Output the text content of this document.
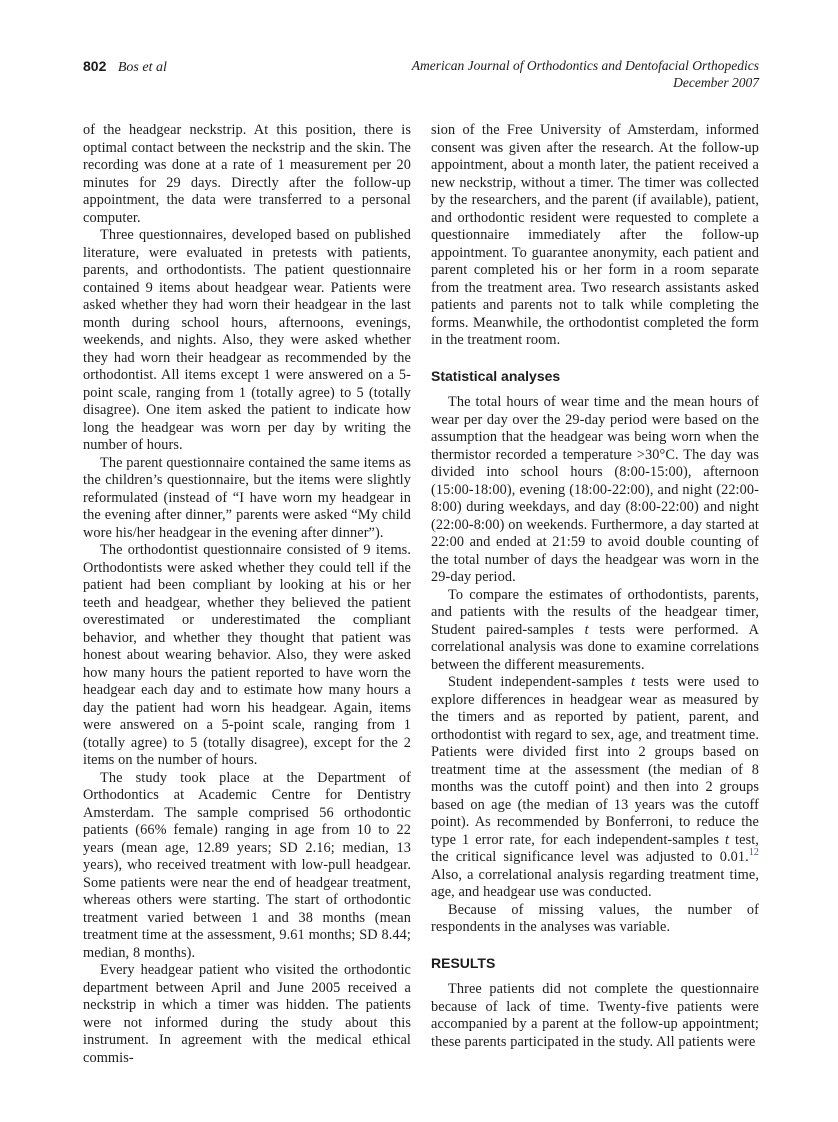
802 Bos et al	American Journal of Orthodontics and Dentofacial Orthopedics
December 2007

of the headgear neckstrip. At this position, there is optimal contact between the neckstrip and the skin. The recording was done at a rate of 1 measurement per 20 minutes for 29 days. Directly after the follow-up appointment, the data were transferred to a personal computer.

Three questionnaires, developed based on published literature, were evaluated in pretests with patients, parents, and orthodontists. The patient questionnaire contained 9 items about headgear wear. Patients were asked whether they had worn their headgear in the last month during school hours, afternoons, evenings, weekends, and nights. Also, they were asked whether they had worn their headgear as recommended by the orthodontist. All items except 1 were answered on a 5-point scale, ranging from 1 (totally agree) to 5 (totally disagree). One item asked the patient to indicate how long the headgear was worn per day by writing the number of hours.

The parent questionnaire contained the same items as the children’s questionnaire, but the items were slightly reformulated (instead of “I have worn my headgear in the evening after dinner,” parents were asked “My child wore his/her headgear in the evening after dinner”).

The orthodontist questionnaire consisted of 9 items. Orthodontists were asked whether they could tell if the patient had been compliant by looking at his or her teeth and headgear, whether they believed the patient overestimated or underestimated the compliant behavior, and whether they thought that patient was honest about wearing behavior. Also, they were asked how many hours the patient reported to have worn the headgear each day and to estimate how many hours a day the patient had worn his headgear. Again, items were answered on a 5-point scale, ranging from 1 (totally agree) to 5 (totally disagree), except for the 2 items on the number of hours.

The study took place at the Department of Orthodontics at Academic Centre for Dentistry Amsterdam. The sample comprised 56 orthodontic patients (66% female) ranging in age from 10 to 22 years (mean age, 12.89 years; SD 2.16; median, 13 years), who received treatment with low-pull headgear. Some patients were near the end of headgear treatment, whereas others were starting. The start of orthodontic treatment varied between 1 and 38 months (mean treatment time at the assessment, 9.61 months; SD 8.44; median, 8 months).

Every headgear patient who visited the orthodontic department between April and June 2005 received a neckstrip in which a timer was hidden. The patients were not informed during the study about this instrument. In agreement with the medical ethical commis-

sion of the Free University of Amsterdam, informed consent was given after the research. At the follow-up appointment, about a month later, the patient received a new neckstrip, without a timer. The timer was collected by the researchers, and the parent (if available), patient, and orthodontic resident were requested to complete a questionnaire immediately after the follow-up appointment. To guarantee anonymity, each patient and parent completed his or her form in a room separate from the treatment area. Two research assistants asked patients and parents not to talk while completing the forms. Meanwhile, the orthodontist completed the form in the treatment room.

Statistical analyses

The total hours of wear time and the mean hours of wear per day over the 29-day period were based on the assumption that the headgear was being worn when the thermistor recorded a temperature >30°C. The day was divided into school hours (8:00-15:00), afternoon (15:00-18:00), evening (18:00-22:00), and night (22:00-8:00) during weekdays, and day (8:00-22:00) and night (22:00-8:00) on weekends. Furthermore, a day started at 22:00 and ended at 21:59 to avoid double counting of the total number of days the headgear was worn in the 29-day period.

To compare the estimates of orthodontists, parents, and patients with the results of the headgear timer, Student paired-samples t tests were performed. A correlational analysis was done to examine correlations between the different measurements.

Student independent-samples t tests were used to explore differences in headgear wear as measured by the timers and as reported by patient, parent, and orthodontist with regard to sex, age, and treatment time. Patients were divided first into 2 groups based on treatment time at the assessment (the median of 8 months was the cutoff point) and then into 2 groups based on age (the median of 13 years was the cutoff point). As recommended by Bonferroni, to reduce the type 1 error rate, for each independent-samples t test, the critical significance level was adjusted to 0.01.12 Also, a correlational analysis regarding treatment time, age, and headgear use was conducted.

Because of missing values, the number of respondents in the analyses was variable.

RESULTS

Three patients did not complete the questionnaire because of lack of time. Twenty-five patients were accompanied by a parent at the follow-up appointment; these parents participated in the study. All patients were
